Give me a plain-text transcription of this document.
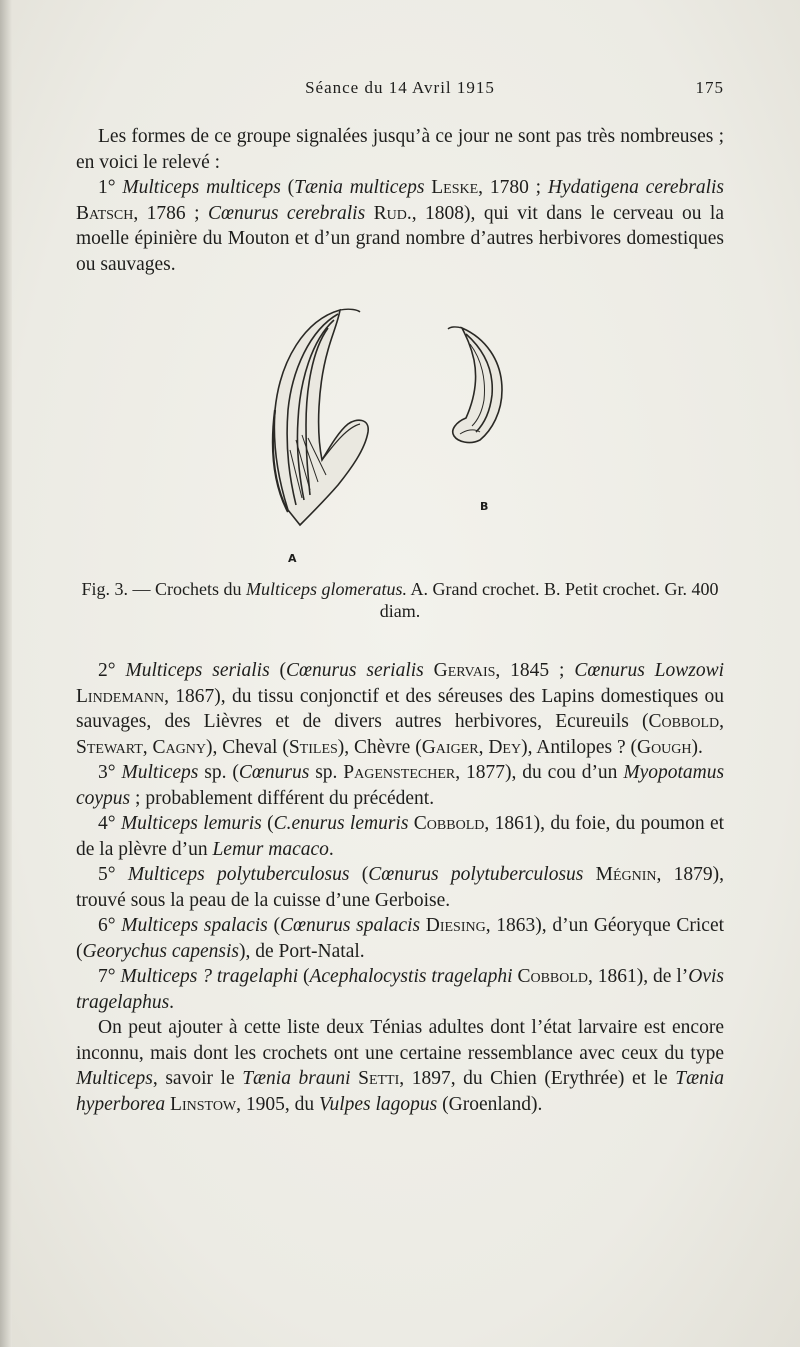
Séance du 14 Avril 1915	175

Les formes de ce groupe signalées jusqu’à ce jour ne sont pas très nombreuses ; en voici le relevé :

1° Multiceps multiceps (Tænia multiceps Leske, 1780 ; Hydatigena cerebralis Batsch, 1786 ; Cœnurus cerebralis Rud., 1808), qui vit dans le cerveau ou la moelle épinière du Mouton et d’un grand nombre d’autres herbivores domestiques ou sauvages.

A
B
Fig. 3. — Crochets du Multiceps glomeratus. A. Grand crochet. B. Petit crochet. Gr. 400 diam.

2° Multiceps serialis (Cœnurus serialis Gervais, 1845 ; Cœnurus Lowzowi Lindemann, 1867), du tissu conjonctif et des séreuses des Lapins domestiques ou sauvages, des Lièvres et de divers autres herbivores, Ecureuils (Cobbold, Stewart, Cagny), Cheval (Stiles), Chèvre (Gaiger, Dey), Antilopes ? (Gough).

3° Multiceps sp. (Cœnurus sp. Pagenstecher, 1877), du cou d’un Myopotamus coypus ; probablement différent du précédent.

4° Multiceps lemuris (C.enurus lemuris Cobbold, 1861), du foie, du poumon et de la plèvre d’un Lemur macaco.

5° Multiceps polytuberculosus (Cœnurus polytuberculosus Mégnin, 1879), trouvé sous la peau de la cuisse d’une Gerboise.

6° Multiceps spalacis (Cœnurus spalacis Diesing, 1863), d’un Géoryque Cricet (Georychus capensis), de Port-Natal.

7° Multiceps ? tragelaphi (Acephalocystis tragelaphi Cobbold, 1861), de l’Ovis tragelaphus.

On peut ajouter à cette liste deux Ténias adultes dont l’état larvaire est encore inconnu, mais dont les crochets ont une certaine ressemblance avec ceux du type Multiceps, savoir le Tænia brauni Setti, 1897, du Chien (Erythrée) et le Tænia hyperborea Linstow, 1905, du Vulpes lagopus (Groenland).
